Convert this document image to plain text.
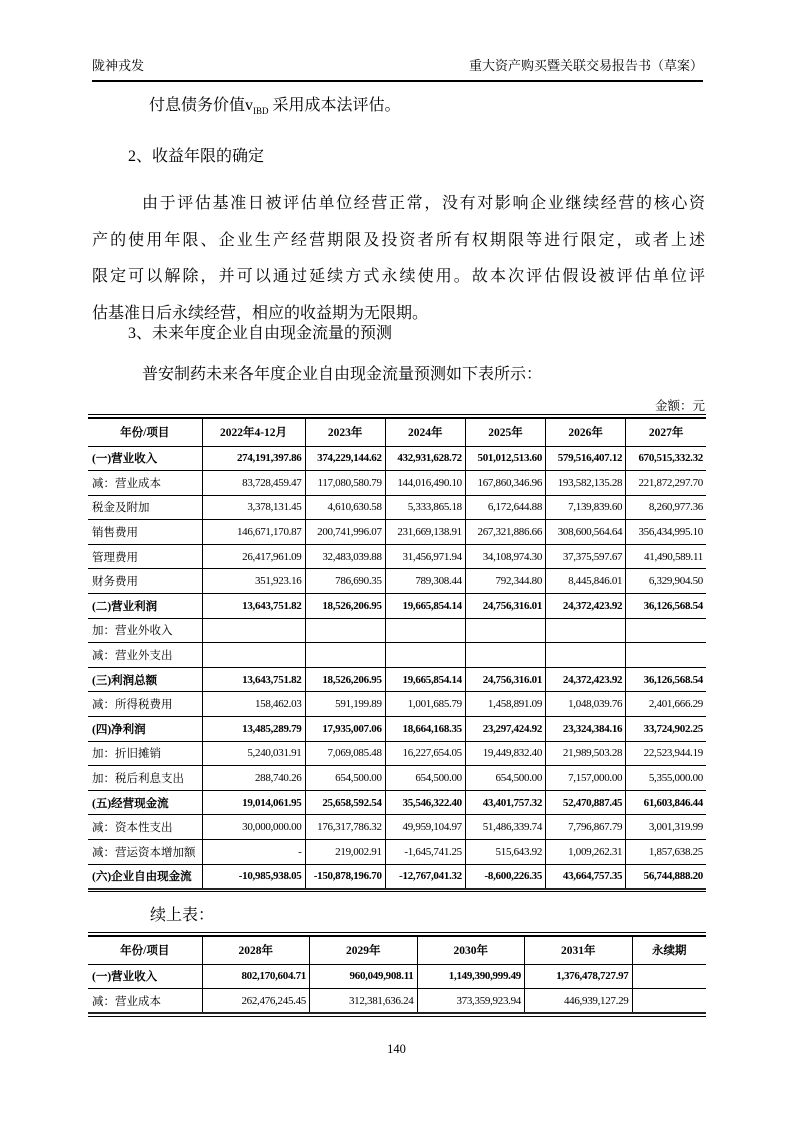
陇神戎发	重大资产购买暨关联交易报告书（草案）
付息债务价值$v_{IBD}$ 采用成本法评估。
2、收益年限的确定
由于评估基准日被评估单位经营正常，没有对影响企业继续经营的核心资
产的使用年限、企业生产经营期限及投资者所有权期限等进行限定，或者上述
限定可以解除，并可以通过延续方式永续使用。故本次评估假设被评估单位评
估基准日后永续经营，相应的收益期为无限期。
3、未来年度企业自由现金流量的预测
普安制药未来各年度企业自由现金流量预测如下表所示：
金额：元
年份/项目	2022年4-12月	2023年	2024年	2025年	2026年	2027年
(一)营业收入	274,191,397.86	374,229,144.62	432,931,628.72	501,012,513.60	579,516,407.12	670,515,332.32
减：营业成本	83,728,459.47	117,080,580.79	144,016,490.10	167,860,346.96	193,582,135.28	221,872,297.70
税金及附加	3,378,131.45	4,610,630.58	5,333,865.18	6,172,644.88	7,139,839.60	8,260,977.36
销售费用	146,671,170.87	200,741,996.07	231,669,138.91	267,321,886.66	308,600,564.64	356,434,995.10
管理费用	26,417,961.09	32,483,039.88	31,456,971.94	34,108,974.30	37,375,597.67	41,490,589.11
财务费用	351,923.16	786,690.35	789,308.44	792,344.80	8,445,846.01	6,329,904.50
(二)营业利润	13,643,751.82	18,526,206.95	19,665,854.14	24,756,316.01	24,372,423.92	36,126,568.54
加：营业外收入						
减：营业外支出						
(三)利润总额	13,643,751.82	18,526,206.95	19,665,854.14	24,756,316.01	24,372,423.92	36,126,568.54
减：所得税费用	158,462.03	591,199.89	1,001,685.79	1,458,891.09	1,048,039.76	2,401,666.29
(四)净利润	13,485,289.79	17,935,007.06	18,664,168.35	23,297,424.92	23,324,384.16	33,724,902.25
加：折旧摊销	5,240,031.91	7,069,085.48	16,227,654.05	19,449,832.40	21,989,503.28	22,523,944.19
加：税后利息支出	288,740.26	654,500.00	654,500.00	654,500.00	7,157,000.00	5,355,000.00
(五)经营现金流	19,014,061.95	25,658,592.54	35,546,322.40	43,401,757.32	52,470,887.45	61,603,846.44
减：资本性支出	30,000,000.00	176,317,786.32	49,959,104.97	51,486,339.74	7,796,867.79	3,001,319.99
减：营运资本增加额	-	219,002.91	-1,645,741.25	515,643.92	1,009,262.31	1,857,638.25
(六)企业自由现金流	-10,985,938.05	-150,878,196.70	-12,767,041.32	-8,600,226.35	43,664,757.35	56,744,888.20
续上表：
年份/项目	2028年	2029年	2030年	2031年	永续期
(一)营业收入	802,170,604.71	960,049,908.11	1,149,390,999.49	1,376,478,727.97	
减：营业成本	262,476,245.45	312,381,636.24	373,359,923.94	446,939,127.29	
140
